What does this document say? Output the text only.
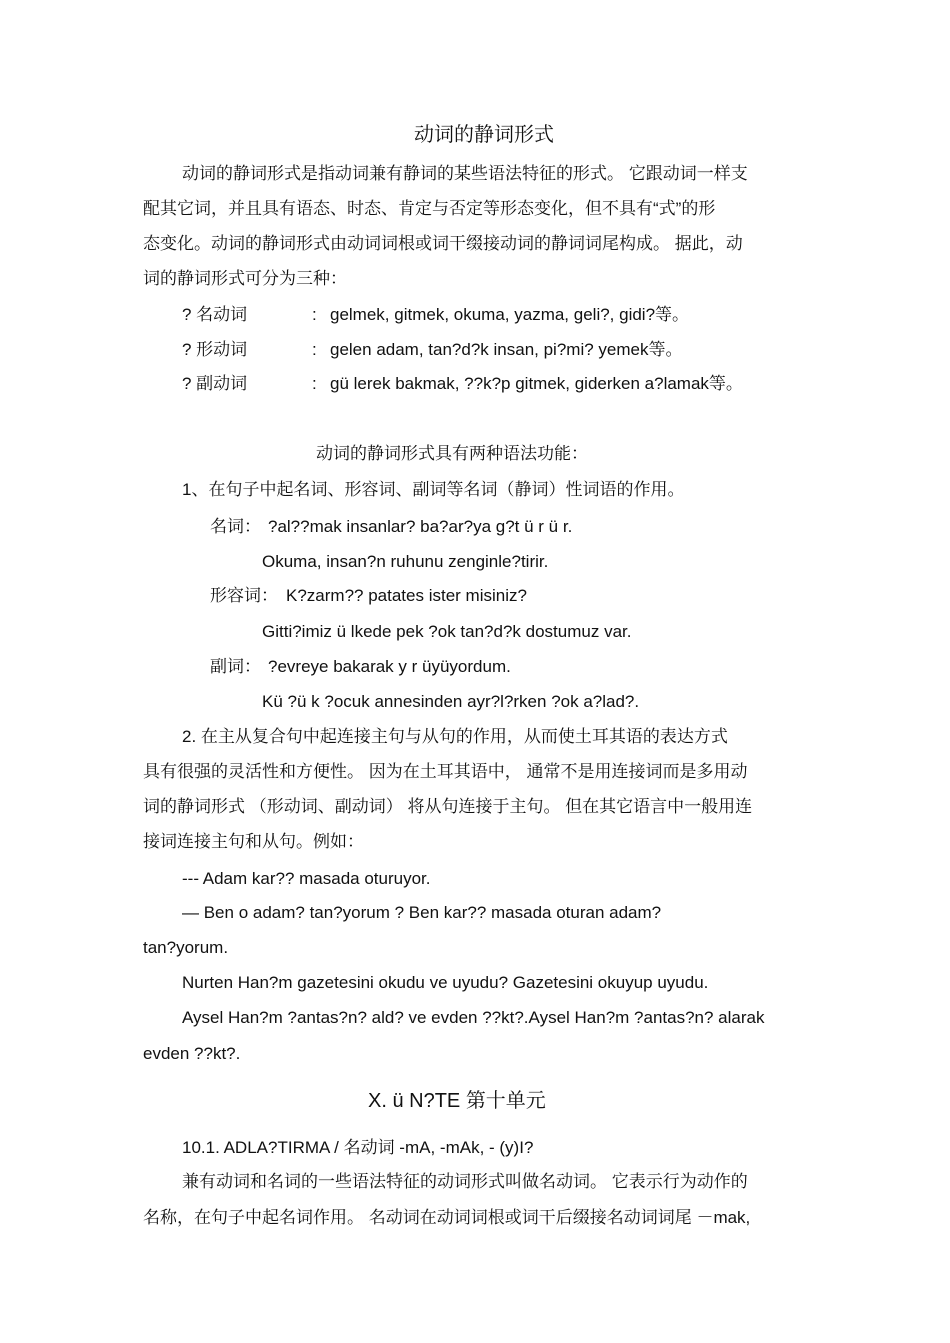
动词的静词形式
动词的静词形式是指动词兼有静词的某些语法特征的形式。 它跟动词一样支
配其它词，并且具有语态、时态、肯定与否定等形态变化，但不具有“式”的形
态变化。动词的静词形式由动词词根或词干缀接动词的静词词尾构成。 据此，动
词的静词形式可分为三种：
? 名动词	: gelmek, gitmek, okuma, yazma, geli?, gidi?等。
? 形动词	: gelen adam, tan?d?k insan, pi?mi? yemek等。
? 副动词	: gü lerek bakmak, ??k?p gitmek, giderken a?lamak等。
动词的静词形式具有两种语法功能：
1、在句子中起名词、形容词、副词等名词（静词）性词语的作用。
名词： ?al??mak insanlar? ba?ar?ya g?t ü r ü r.
Okuma, insan?n ruhunu zenginle?tirir.
形容词： K?zarm?? patates ister misiniz?
Gitti?imiz ü lkede pek ?ok tan?d?k dostumuz var.
副词： ?evreye bakarak y r üyüyordum.
Kü ?ü k ?ocuk annesinden ayr?l?rken ?ok a?lad?.
2. 在主从复合句中起连接主句与从句的作用，从而使土耳其语的表达方式
具有很强的灵活性和方便性。 因为在土耳其语中， 通常不是用连接词而是多用动
词的静词形式 （形动词、副动词） 将从句连接于主句。 但在其它语言中一般用连
接词连接主句和从句。例如：
--- Adam kar?? masada oturuyor.
— Ben o adam? tan?yorum ? Ben kar?? masada oturan adam?
tan?yorum.
Nurten Han?m gazetesini okudu ve uyudu? Gazetesini okuyup uyudu.
Aysel Han?m ?antas?n? ald? ve evden ??kt?.Aysel Han?m ?antas?n? alarak
evden ??kt?.
X. ü N?TE 第十单元
10.1. ADLA?TIRMA / 名动词 -mA, -mAk, - (y)I?
兼有动词和名词的一些语法特征的动词形式叫做名动词。 它表示行为动作的
名称，在句子中起名词作用。 名动词在动词词根或词干后缀接名动词词尾 －mak,
